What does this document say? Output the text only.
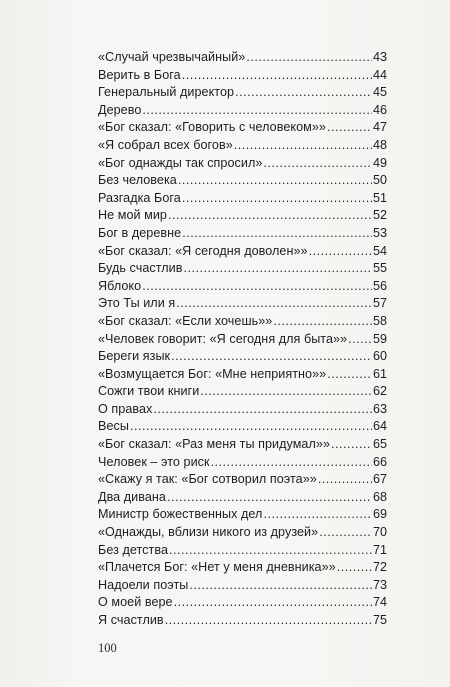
«Случай чрезвычайный» .....	43
Верить в Бога .....	44
Генеральный директор .....	45
Дерево .....	46
«Бог сказал: «Говорить с человеком»» .....	47
«Я собрал всех богов» .....	48
«Бог однажды так спросил» .....	49
Без человека .....	50
Разгадка Бога .....	51
Не мой мир .....	52
Бог в деревне .....	53
«Бог сказал: «Я сегодня доволен»» .....	54
Будь счастлив .....	55
Яблоко .....	56
Это Ты или я .....	57
«Бог сказал: «Если хочешь»» .....	58
«Человек говорит: «Я сегодня для быта»» ..... 59
Береги язык .....	60
«Возмущается Бог: «Мне неприятно»» .....	61
Сожги твои книги .....	62
О правах .....	63
Весы .....	64
«Бог сказал: «Раз меня ты придумал»» .....	65
Человек – это риск .....	66
«Скажу я так: «Бог сотворил поэта»» .....	67
Два дивана .....	68
Министр божественных дел .....	69
«Однажды, вблизи никого из друзей» .....	70
Без детства .....	71
«Плачется Бог: «Нет у меня дневника»» .....	72
Надоели поэты .....	73
О моей вере .....	74
Я счастлив .....	75
100
